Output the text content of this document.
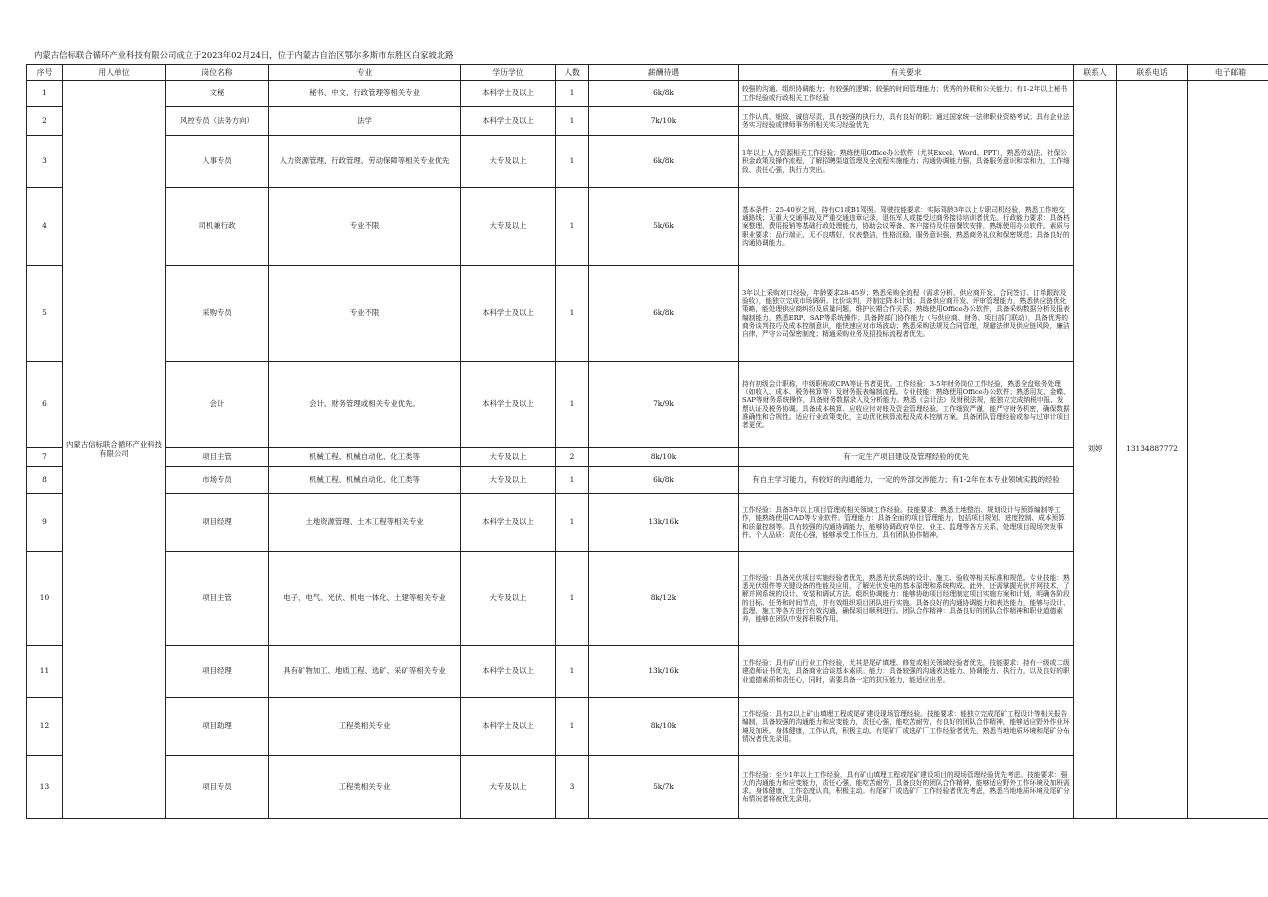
内蒙古信标联合循环产业科技有限公司成立于2023年02月24日，位于内蒙古自治区鄂尔多斯市东胜区白家坡北路
序号	用人单位	岗位名称	专业	学历学位	人数	薪酬待遇	有关要求	联系人	联系电话	电子邮箱
1	内蒙古信标联合循环产业科技有限公司	文秘	秘书、中文、行政管理等相关专业	本科学士及以上	1	6k/8k	较强的沟通、组织协调能力；有较强的逻辑；较强的时间管理能力；优秀的外联和公关能力；有1-2年以上秘书工作经验或行政相关工作经验	刘婷	13134887772	
2		风控专员（法务方向）	法学	本科学士及以上	1	7k/10k	工作认真、细致、诚信尽责，具有较强的执行力，具有良好的职；通过国家统一法律职业资格考试；具有企业法务实习经验或律师事务所相关实习经验优先			
3		人事专员	人力资源管理、行政管理、劳动保障等相关专业优先	大专及以上	1	6k/8k	1年以上人力资源相关工作经验；熟练使用Office办公软件（尤其Excel、Word、PPT），熟悉劳动法、社保公积金政策及操作流程，了解招聘渠道管理及全流程实施能力；沟通协调能力强，具备服务意识和亲和力，工作细致、责任心强，执行力突出。			
4		司机兼行政	专业不限	大专及以上	1	5k/6k	基本条件：25-40岁之间，持有C1或B1驾照。驾驶技能要求：实际驾龄3年以上专职司机经验，熟悉工作地交通路线；无重大交通事故及严重交通违章记录，退伍军人或接受过商务接待培训者优先。行政能力要求：具备档案整理、费用报销等基础行政处理能力，协助会议筹备、客户接待及住宿餐饮安排，熟练使用办公软件。素质与职业要求：品行端正、无不良嗜好，仪表整洁，性格沉稳、服务意识强，熟悉商务礼仪和保密规范；具备良好的沟通协调能力。			
5		采购专员	专业不限	本科学士及以上	1	6k/8k	3年以上采购对口经验，年龄要求28-45岁；熟悉采购全流程（需求分析、供应商开发、合同签订、订单跟踪及验收），能独立完成市场调研、比价谈判，并制定降本计划；具备供应商开发、评审管理能力，熟悉供应链优化策略，能处理供应商纠纷及质量问题，维护长期合作关系；熟练使用Office办公软件，具备采购数据分析及报表编制能力，熟悉ERP、SAP等系统操作；具备跨部门协作能力（与供应商、财务、项目部门联动），具备优秀的商务谈判技巧及成本控制意识，能快速应对市场波动；熟悉采购法规及合同管理，规避法律及供应链风险，廉洁自律，严守公司保密制度；精通采购业务及招投标流程者优先。			
6		会计	会计、财务管理或相关专业优先。	本科学士及以上	1	7k/9k	持有初级会计职称，中级职称或CPA等证书者更优。工作经验：3-5年财务岗位工作经验，熟悉全盘账务处理（如收入、成本、税务核算等）及财务报表编制流程。专业技能：熟练使用Office办公软件；熟悉用友、金蝶、SAP等财务系统操作，具备财务数据录入及分析能力。熟悉《会计法》及财税法规，能独立完成纳税申报、发票认证及税务协调。具备成本核算、应收应付对账及资金管理经验。工作细致严谨，能严守财务机密，确保数据准确性和合规性。适应行业政策变化，主动优化核算流程及成本控制方案。具备团队管理经验或参与过审计项目者更优。			
7		项目主管	机械工程、机械自动化、化工类等	大专及以上	2	8k/10k	有一定生产项目建设及管理经验的优先			
8		市场专员	机械工程、机械自动化、化工类等	大专及以上	1	6k/8k	有自主学习能力，有较好的沟通能力，一定的外部交涉能力；有1-2年在本专业领域实践的经验			
9		项目经理	土地资源管理、土木工程等相关专业	本科学士及以上	1	13k/16k	工作经验：具备3年以上项目管理或相关领域工作经验。技能要求：熟悉土地整治、规划设计与预算编制等工作，能熟练使用CAD等专业软件。管理能力：具备全面的项目管理能力，包括项目规划、进度控制、成本预算和质量控制等。具有较强的沟通协调能力，能够协调政府单位、业主、监理等各方关系，处理项目现场突发事件。个人品质：责任心强，能够承受工作压力，具有团队协作精神。			
10		项目主管	电子、电气、光伏、机电一体化、土建等相关专业	大专及以上	1	8k/12k	工作经验：具备光伏项目实施经验者优先，熟悉光伏系统的设计、施工、验收等相关标准和规范。专业技能：熟悉光伏组件等关键设备的性能及应用，了解光伏发电的基本原理和系统构成。此外，还需掌握光伏并网技术，了解并网系统的设计、安装和调试方法。组织协调能力：能够协助项目经理制定项目实施方案和计划，明确各阶段的目标、任务和时间节点，并有效组织项目团队进行实施。具备良好的沟通协调能力和表达能力，能够与设计、监理、施工等各方进行有效沟通，确保项目顺利进行。团队合作精神：具备良好的团队合作精神和职业道德素养，能够在团队中发挥积极作用。			
11		项目经理	具有矿物加工、地质工程、选矿、采矿等相关专业	本科学士及以上	1	13k/16k	工作经验：具有矿山行业工作经验，尤其是尾矿填埋、修复或相关领域经验者优先，技能要求：持有一级或二级建造师证书优先，具备商业洽谈基本素质。能力：具备较强的沟通表达能力、协调能力、执行力，以及良好的职业道德素质和责任心，同时，需要具备一定的抗压能力，能适应出差。			
12		项目助理	工程类相关专业	本科学士及以上	1	8k/10k	工作经验：具有2以上矿山填埋工程或尾矿建设现场管理经验。技能要求：能独立完成尾矿工程设计等相关报告编制，具备较强的沟通能力和应变能力，责任心强，能吃苦耐劳，有良好的团队合作精神，能够适应野外作业环境及加班。身体健康，工作认真，积极主动。有尾矿厂或选矿厂工作经验者优先，熟悉当地地质环境和尾矿分布情况者优先录用。			
13		项目专员	工程类相关专业	大专及以上	3	5k/7k	工作经验：至少1年以上工作经验，具有矿山填埋工程或尾矿建设项目的现场管理经验优先考虑。技能要求：强大的沟通能力和应变能力，责任心强，能吃苦耐劳，具备良好的团队合作精神，能够适应野外工作环境及加班需求。身体健康，工作态度认真，积极主动。有尾矿厂或选矿厂工作经验者优先考虑，熟悉当地地质环境及尾矿分布情况者将被优先录用。			
